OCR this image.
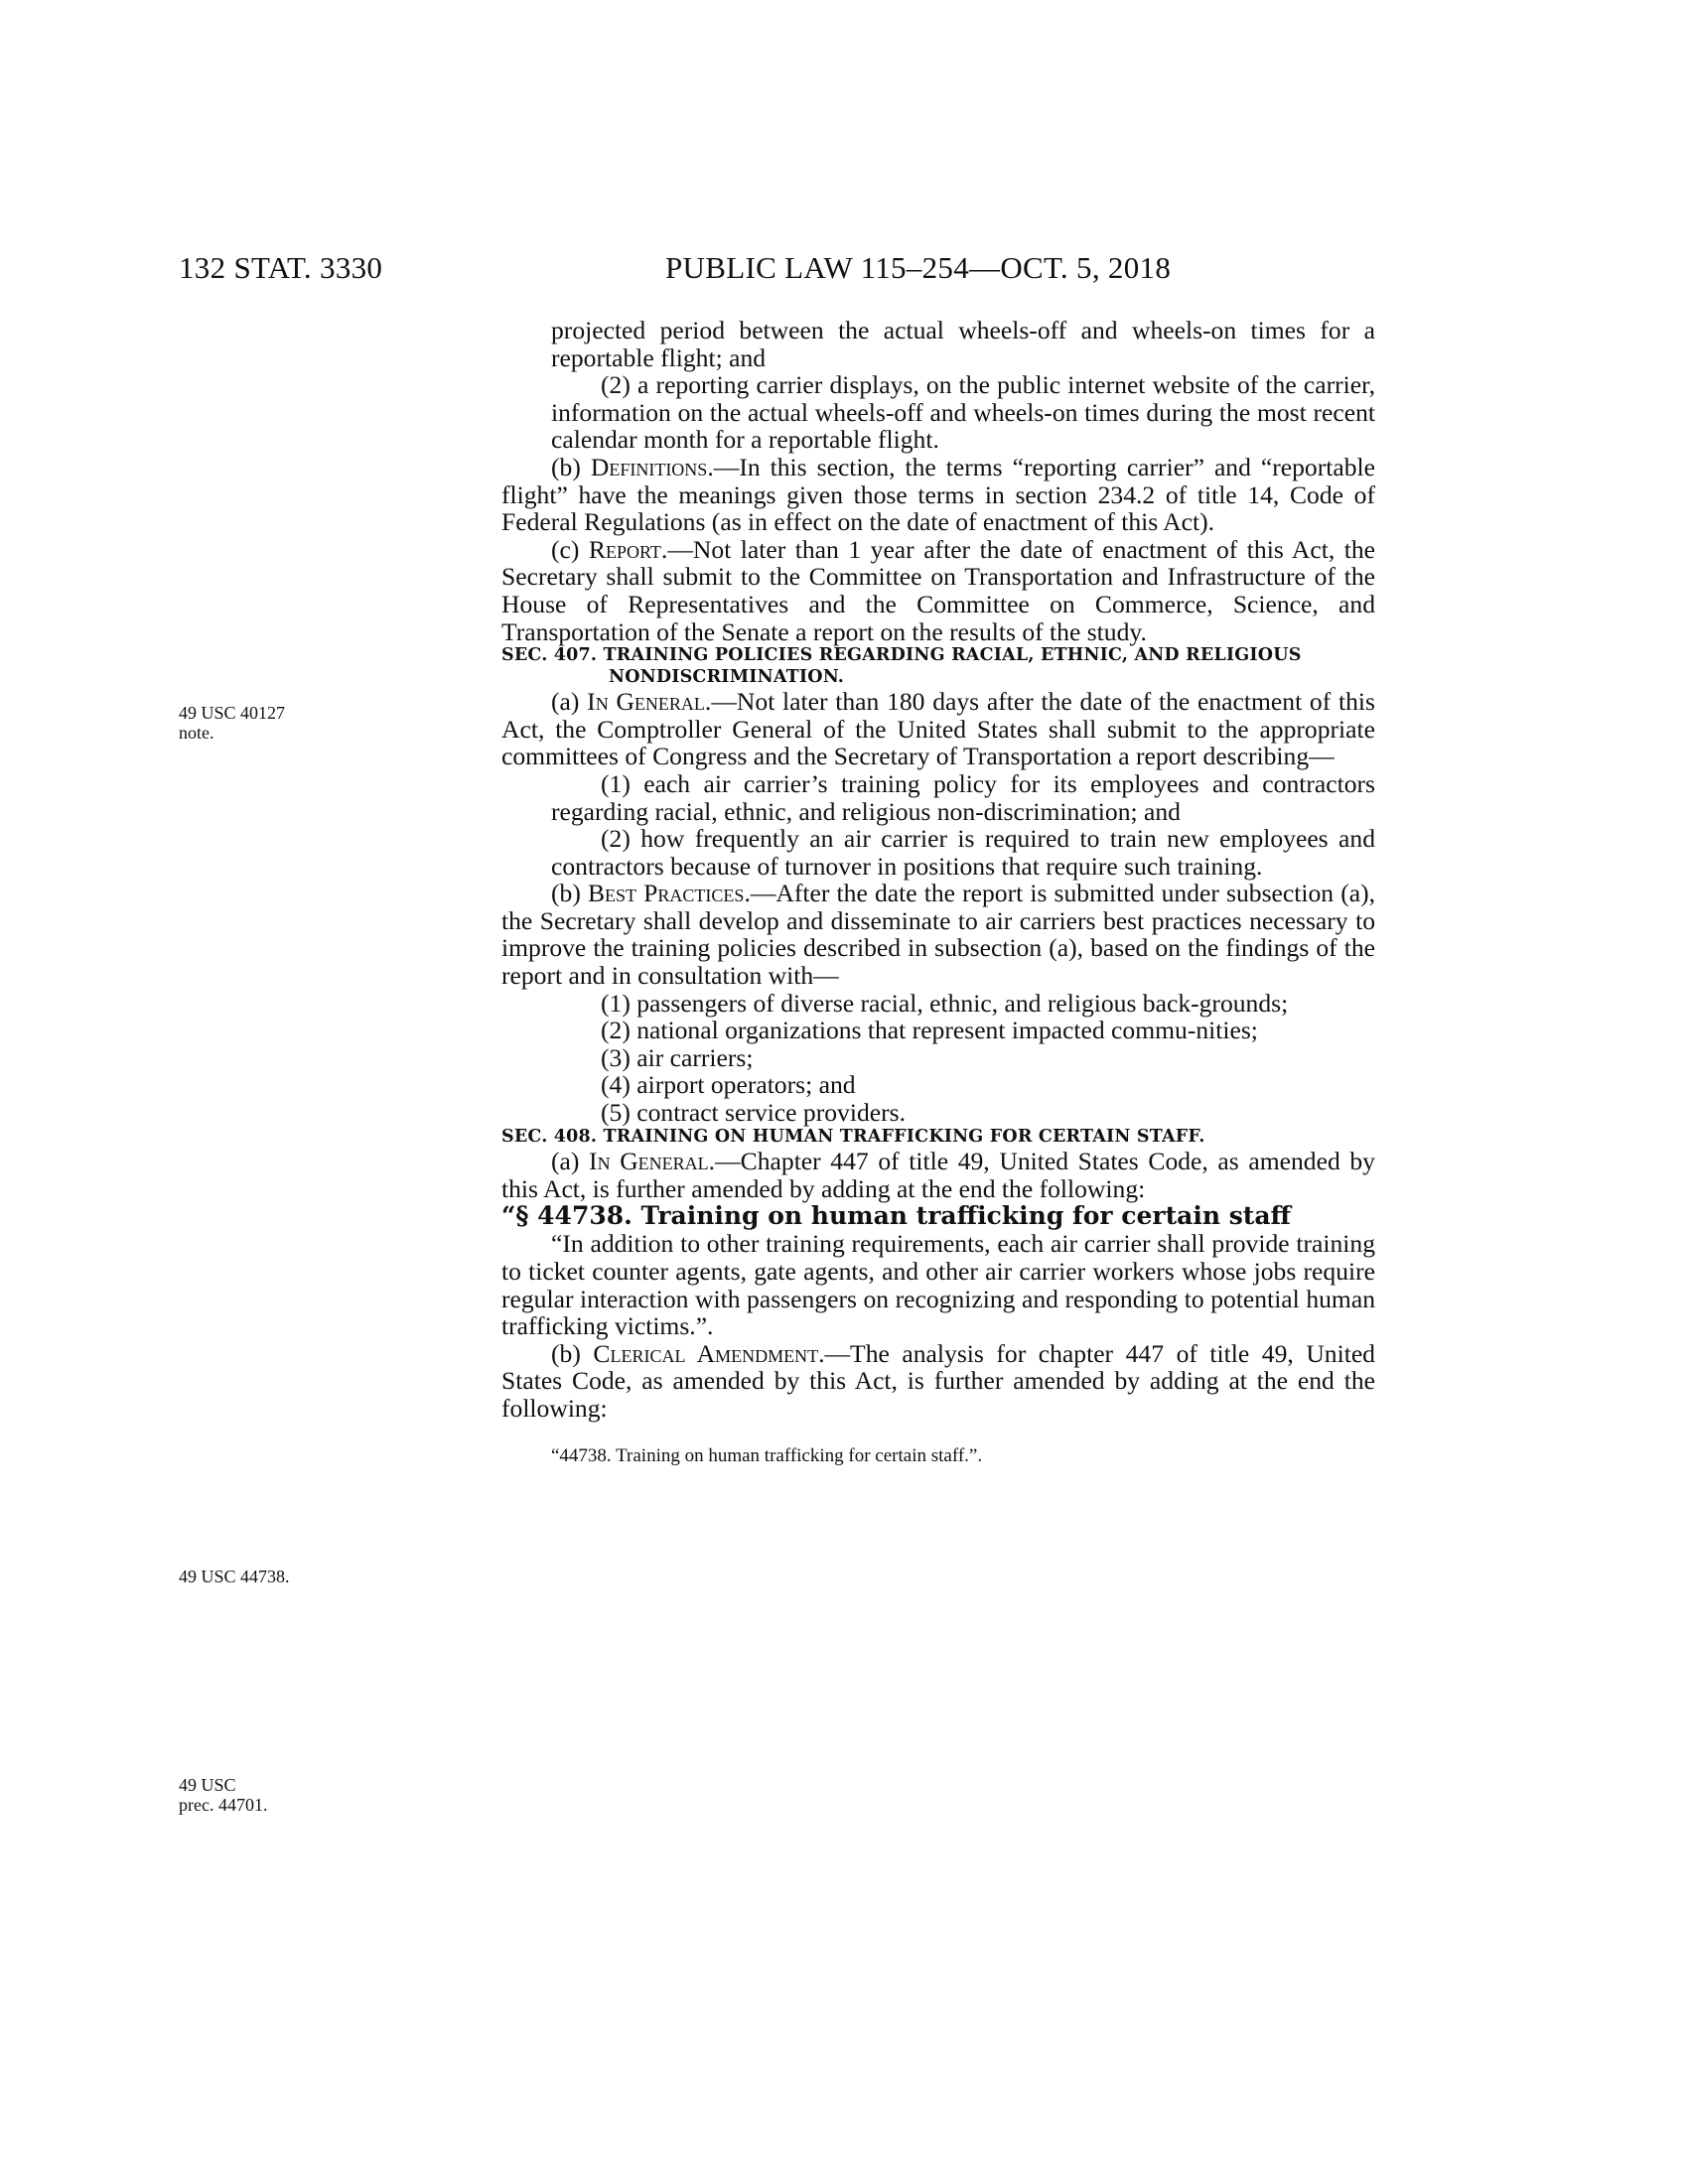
132 STAT. 3330	PUBLIC LAW 115–254—OCT. 5, 2018
49 USC 40127
note.
49 USC 44738.
49 USC
prec. 44701.

projected period between the actual wheels-off and wheels-on times for a reportable flight; and

(2) a reporting carrier displays, on the public internet website of the carrier, information on the actual wheels-off and wheels-on times during the most recent calendar month for a reportable flight.

(b) Definitions.—In this section, the terms “reporting carrier” and “reportable flight” have the meanings given those terms in section 234.2 of title 14, Code of Federal Regulations (as in effect on the date of enactment of this Act).

(c) Report.—Not later than 1 year after the date of enactment of this Act, the Secretary shall submit to the Committee on Transportation and Infrastructure of the House of Representatives and the Committee on Commerce, Science, and Transportation of the Senate a report on the results of the study.

SEC. 407. TRAINING POLICIES REGARDING RACIAL, ETHNIC, AND RELIGIOUS NONDISCRIMINATION.

(a) In General.—Not later than 180 days after the date of the enactment of this Act, the Comptroller General of the United States shall submit to the appropriate committees of Congress and the Secretary of Transportation a report describing—

(1) each air carrier’s training policy for its employees and contractors regarding racial, ethnic, and religious non-discrimination; and

(2) how frequently an air carrier is required to train new employees and contractors because of turnover in positions that require such training.

(b) Best Practices.—After the date the report is submitted under subsection (a), the Secretary shall develop and disseminate to air carriers best practices necessary to improve the training policies described in subsection (a), based on the findings of the report and in consultation with—

(1) passengers of diverse racial, ethnic, and religious back-grounds;

(2) national organizations that represent impacted commu-nities;

(3) air carriers;

(4) airport operators; and

(5) contract service providers.

SEC. 408. TRAINING ON HUMAN TRAFFICKING FOR CERTAIN STAFF.

(a) In General.—Chapter 447 of title 49, United States Code, as amended by this Act, is further amended by adding at the end the following:

“§ 44738. Training on human trafficking for certain staff

“In addition to other training requirements, each air carrier shall provide training to ticket counter agents, gate agents, and other air carrier workers whose jobs require regular interaction with passengers on recognizing and responding to potential human trafficking victims.”.

(b) Clerical Amendment.—The analysis for chapter 447 of title 49, United States Code, as amended by this Act, is further amended by adding at the end the following:

“44738. Training on human trafficking for certain staff.”.
